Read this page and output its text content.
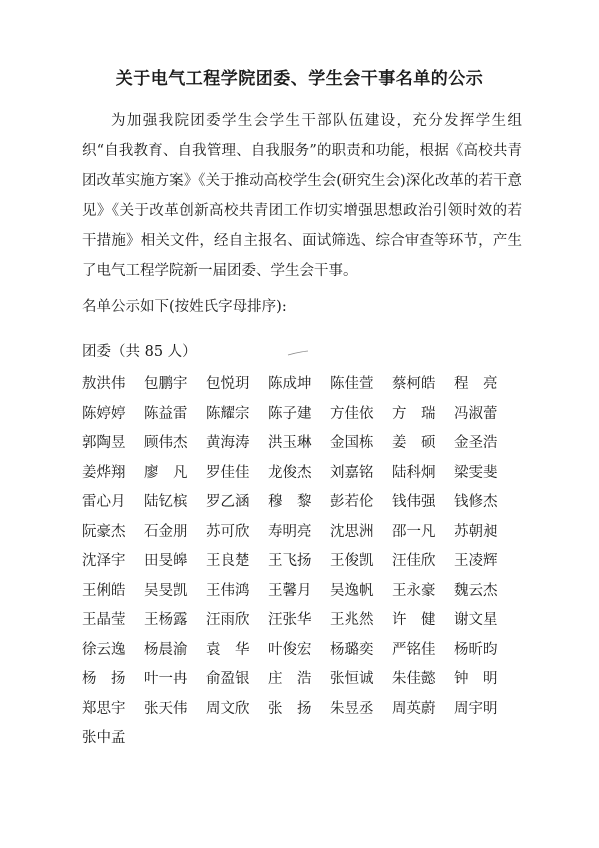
关于电气工程学院团委、学生会干事名单的公示

为加强我院团委学生会学生干部队伍建设，充分发挥学生组织“自我教育、自我管理、自我服务”的职责和功能，根据《高校共青团改革实施方案》《关于推动高校学生会(研究生会)深化改革的若干意见》《关于改革创新高校共青团工作切实增强思想政治引领时效的若干措施》相关文件，经自主报名、面试筛选、综合审查等环节，产生了电气工程学院新一届团委、学生会干事。

名单公示如下(按姓氏字母排序):

团委（共 85 人）

敖洪伟	包鹏宇	包悦玥	陈成坤	陈佳萱	蔡柯皓	程　亮
陈婷婷	陈益雷	陈耀宗	陈子建	方佳依	方　瑞	冯淑蕾
郭陶昱	顾伟杰	黄海涛	洪玉琳	金国栋	姜　硕	金圣浩
姜烨翔	廖　凡	罗佳佳	龙俊杰	刘嘉铭	陆科炯	梁雯斐
雷心月	陆钇槟	罗乙涵	穆　黎	彭若伦	钱伟强	钱修杰
阮豪杰	石金朋	苏可欣	寿明亮	沈思洲	邵一凡	苏朝昶
沈泽宇	田旻皞	王良楚	王飞扬	王俊凯	汪佳欣	王凌辉
王俐皓	吴旻凯	王伟鸿	王馨月	吴逸帆	王永豪	魏云杰
王晶莹	王杨露	汪雨欣	汪张华	王兆然	许　健	谢文星
徐云逸	杨晨渝	袁　华	叶俊宏	杨璐奕	严铭佳	杨昕昀
杨　扬	叶一冉	俞盈银	庄　浩	张恒诚	朱佳懿	钟　明
郑思宇	张天伟	周文欣	张　扬	朱昱丞	周英蔚	周宇明
张中孟
